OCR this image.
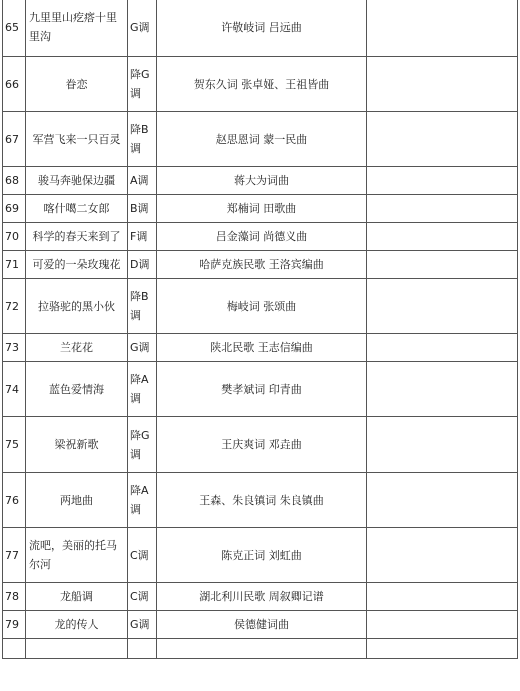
65	九里里山疙瘩十里里沟	G调	许敬岐词 吕远曲	
66	眷恋	降G调	贺东久词 张卓娅、王祖皆曲	
67	军营飞来一只百灵	降B调	赵思恩词 蒙一民曲	
68	骏马奔驰保边疆	A调	蒋大为词曲	
69	喀什噶二女郎	B调	郑楠词 田歌曲	
70	科学的春天来到了	F调	吕金藻词 尚德义曲	
71	可爱的一朵玫瑰花	D调	哈萨克族民歌 王洛宾编曲	
72	拉骆驼的黑小伙	降B调	梅岐词 张颂曲	
73	兰花花	G调	陕北民歌 王志信编曲	
74	蓝色爱情海	降A调	樊孝斌词 印青曲	
75	梁祝新歌	降G调	王庆爽词 邓垚曲	
76	两地曲	降A调	王森、朱良镇词 朱良镇曲	
77	流吧，美丽的托马尔河	C调	陈克正词 刘虹曲	
78	龙船调	C调	湖北利川民歌 周叙卿记谱	
79	龙的传人	G调	侯德健词曲	
